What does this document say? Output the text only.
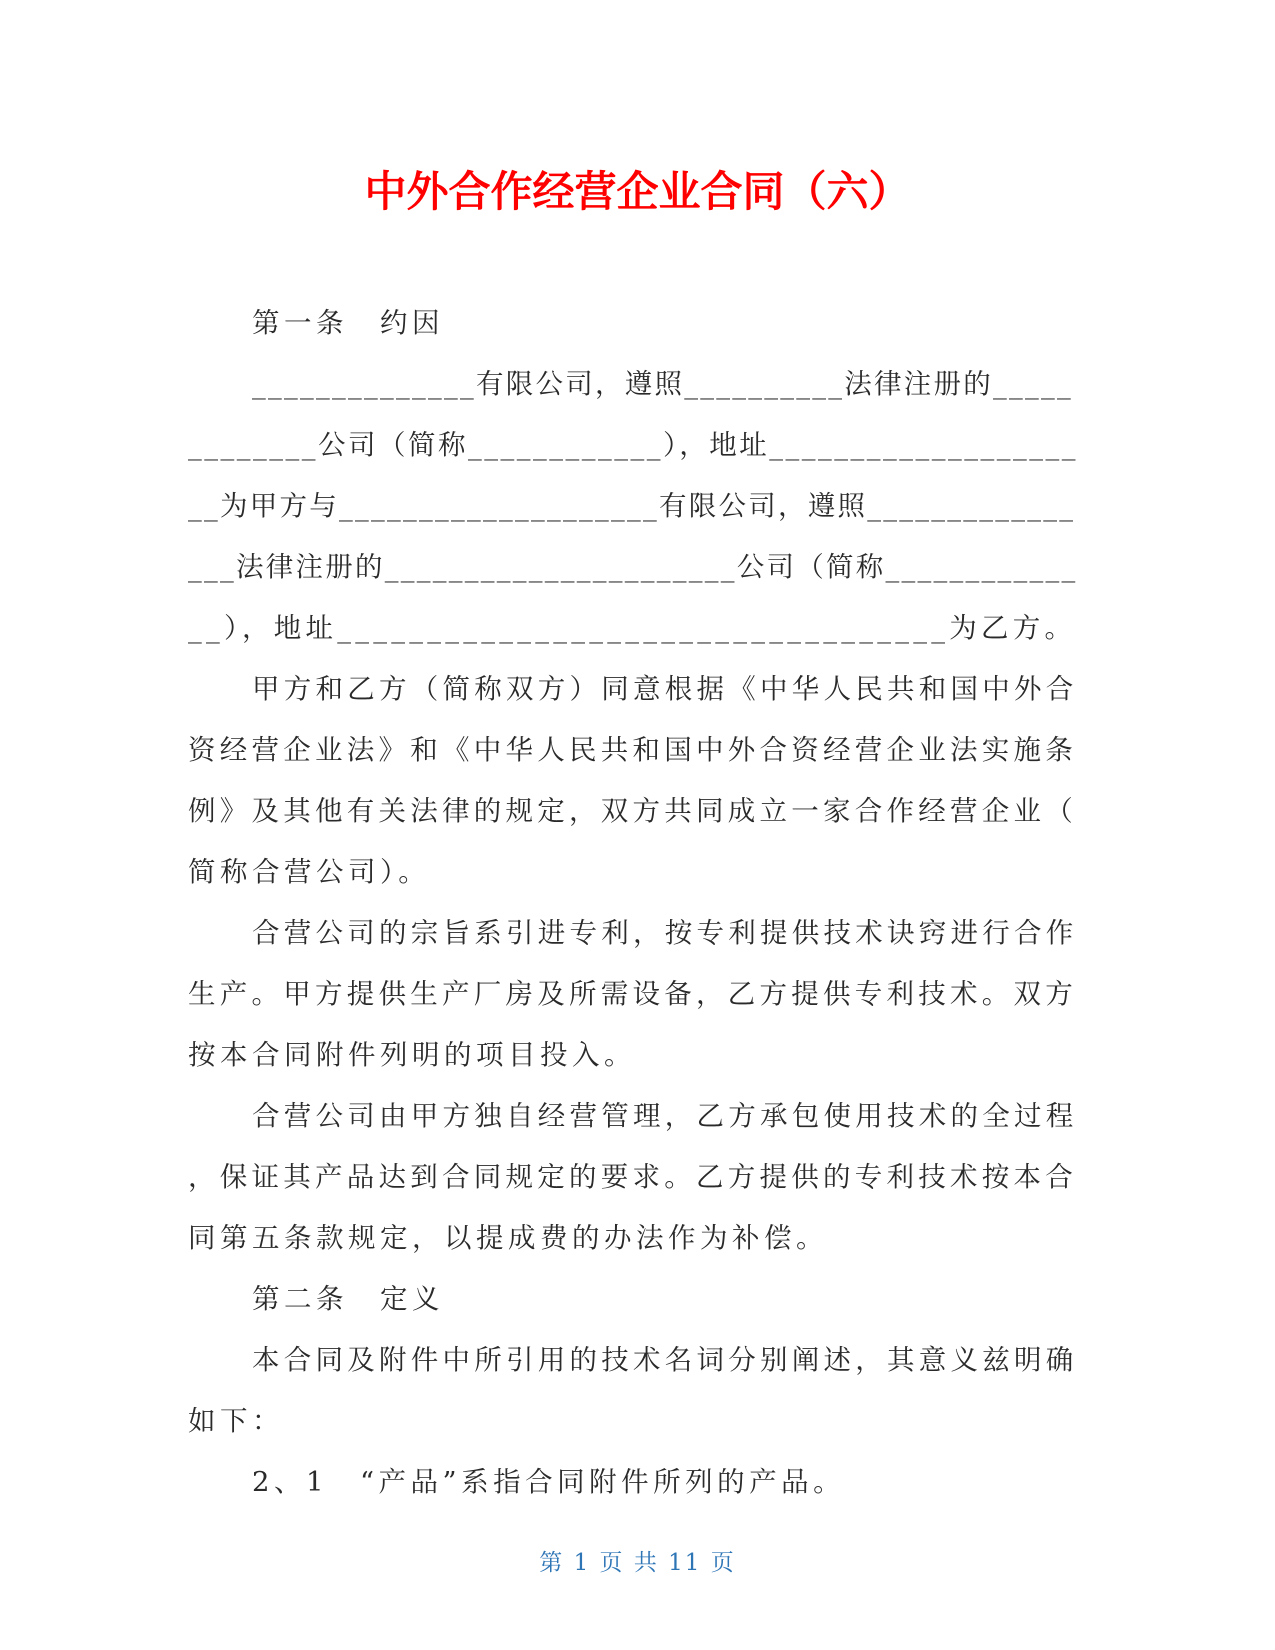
中外合作经营企业合同（六）
第一条　约因
______________有限公司，遵照__________法律注册的_____
________公司（简称____________），地址___________________
__为甲方与____________________有限公司，遵照_____________
___法律注册的______________________公司（简称____________
__），地址__________________________________为乙方。
甲方和乙方（简称双方）同意根据《中华人民共和国中外合
资经营企业法》和《中华人民共和国中外合资经营企业法实施条
例》及其他有关法律的规定，双方共同成立一家合作经营企业（
简称合营公司）。
合营公司的宗旨系引进专利，按专利提供技术诀窍进行合作
生产。甲方提供生产厂房及所需设备，乙方提供专利技术。双方
按本合同附件列明的项目投入。
合营公司由甲方独自经营管理，乙方承包使用技术的全过程
，保证其产品达到合同规定的要求。乙方提供的专利技术按本合
同第五条款规定，以提成费的办法作为补偿。
第二条　定义
本合同及附件中所引用的技术名词分别阐述，其意义兹明确
如下：
2、1　“产品”系指合同附件所列的产品。
第 1 页 共 11 页
